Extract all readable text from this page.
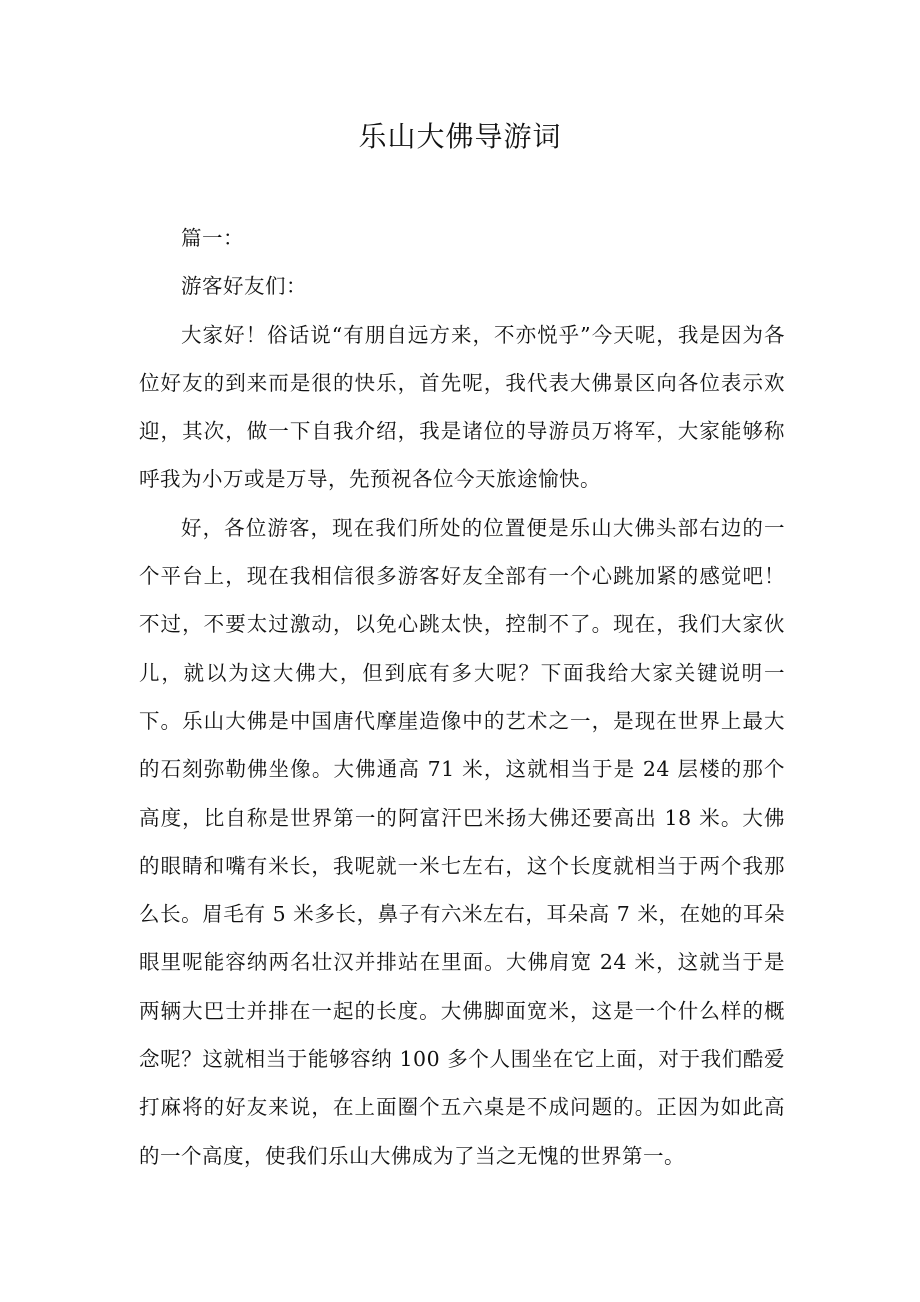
乐山大佛导游词

篇一：

游客好友们：

大家好！俗话说“有朋自远方来，不亦悦乎”今天呢，我是因为各位好友的到来而是很的快乐，首先呢，我代表大佛景区向各位表示欢迎，其次，做一下自我介绍，我是诸位的导游员万将军，大家能够称呼我为小万或是万导，先预祝各位今天旅途愉快。

好，各位游客，现在我们所处的位置便是乐山大佛头部右边的一个平台上，现在我相信很多游客好友全部有一个心跳加紧的感觉吧！不过，不要太过激动，以免心跳太快，控制不了。现在，我们大家伙儿，就以为这大佛大，但到底有多大呢？下面我给大家关键说明一下。乐山大佛是中国唐代摩崖造像中的艺术之一，是现在世界上最大的石刻弥勒佛坐像。大佛通高 71 米，这就相当于是 24 层楼的那个高度，比自称是世界第一的阿富汗巴米扬大佛还要高出 18 米。大佛的眼睛和嘴有米长，我呢就一米七左右，这个长度就相当于两个我那么长。眉毛有 5 米多长，鼻子有六米左右，耳朵高 7 米，在她的耳朵眼里呢能容纳两名壮汉并排站在里面。大佛肩宽 24 米，这就当于是两辆大巴士并排在一起的长度。大佛脚面宽米，这是一个什么样的概念呢？这就相当于能够容纳 100 多个人围坐在它上面，对于我们酷爱打麻将的好友来说，在上面圈个五六桌是不成问题的。正因为如此高的一个高度，使我们乐山大佛成为了当之无愧的世界第一。
